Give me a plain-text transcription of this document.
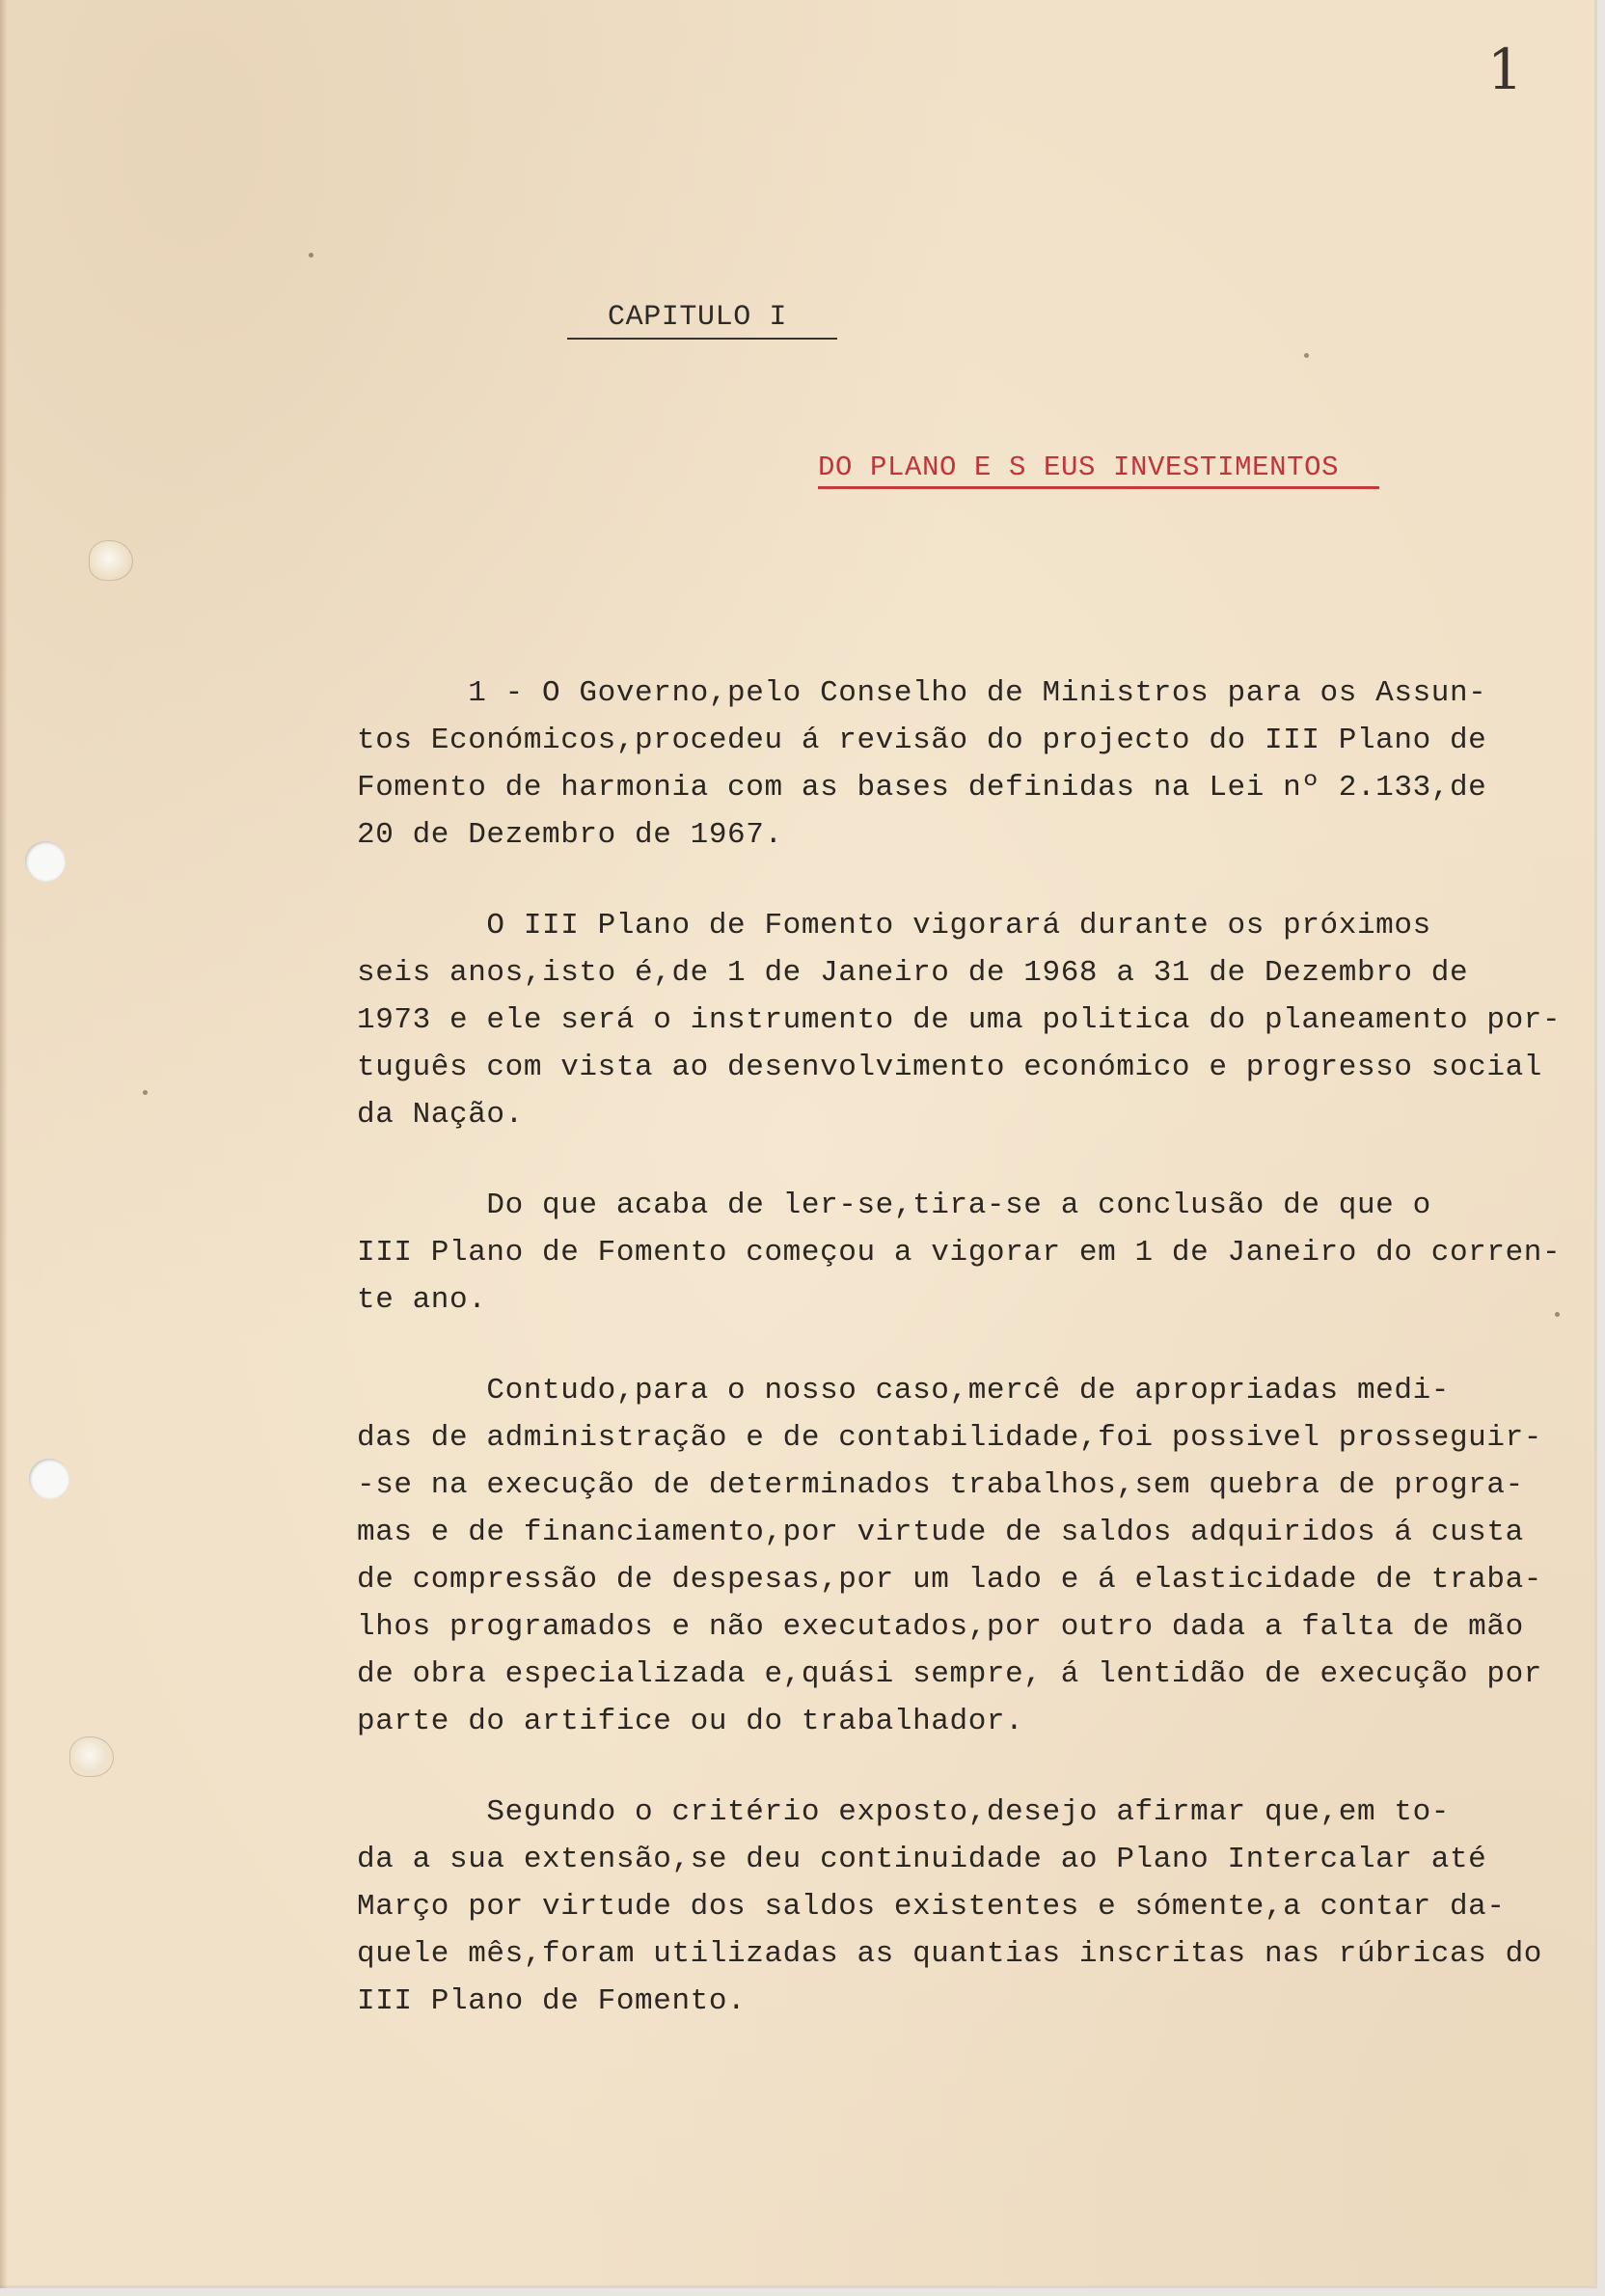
1
CAPITULO I
DO PLANO E S EUS INVESTIMENTOS
1 - O Governo,pelo Conselho de Ministros para os Assun-
tos Económicos,procedeu á revisão do projecto do III Plano de
Fomento de harmonia com as bases definidas na Lei nº 2.133,de
20 de Dezembro de 1967.
O III Plano de Fomento vigorará durante os próximos
seis anos,isto é,de 1 de Janeiro de 1968 a 31 de Dezembro de
1973 e ele será o instrumento de uma politica do planeamento por-
tuguês com vista ao desenvolvimento económico e progresso social
da Nação.
Do que acaba de ler-se,tira-se a conclusão de que o
III Plano de Fomento começou a vigorar em 1 de Janeiro do corren-
te ano.
Contudo,para o nosso caso,mercê de apropriadas medi-
das de administração e de contabilidade,foi possivel prosseguir-
-se na execução de determinados trabalhos,sem quebra de progra-
mas e de financiamento,por virtude de saldos adquiridos á custa
de compressão de despesas,por um lado e á elasticidade de traba-
lhos programados e não executados,por outro dada a falta de mão
de obra especializada e,quási sempre, á lentidão de execução por
parte do artifice ou do trabalhador.
Segundo o critério exposto,desejo afirmar que,em to-
da a sua extensão,se deu continuidade ao Plano Intercalar até
Março por virtude dos saldos existentes e sómente,a contar da-
quele mês,foram utilizadas as quantias inscritas nas rúbricas do
III Plano de Fomento.
